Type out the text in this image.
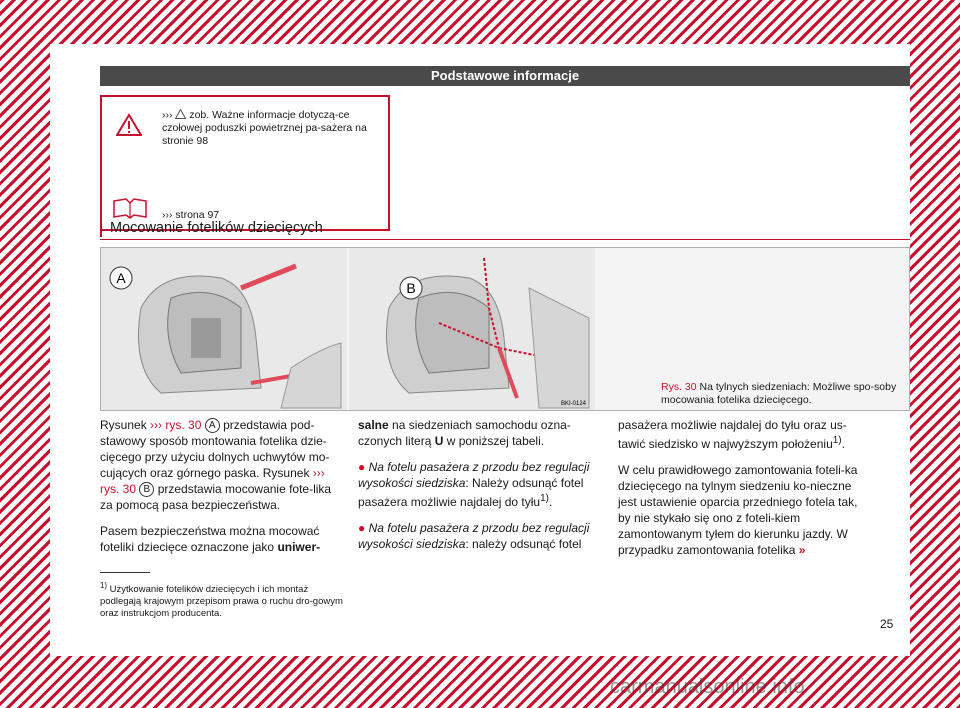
Podstawowe informacje
››› zob. Ważne informacje dotyczą-ce czołowej poduszki powietrznej pa-sażera na stronie 98
››› strona 97
Mocowanie fotelików dziecięcych
A
B
BKI-0124
Rys. 30 Na tylnych siedzeniach: Możliwe spo-soby mocowania fotelika dziecięcego.

Rysunek ››› rys. 30 A przedstawia pod-stawowy sposób montowania fotelika dzie-cięcego przy użyciu dolnych uchwytów mo-cujących oraz górnego paska. Rysunek ››› rys. 30 B przedstawia mocowanie fote-lika za pomocą pasa bezpieczeństwa.

Pasem bezpieczeństwa można mocować foteliki dziecięce oznaczone jako uniwer-

salne na siedzeniach samochodu ozna-czonych literą U w poniższej tabeli.

● Na fotelu pasażera z przodu bez regulacji wysokości siedziska: Należy odsunąć fotel pasażera możliwie najdalej do tyłu$^{1)}$.

● Na fotelu pasażera z przodu bez regulacji wysokości siedziska: należy odsunąć fotel

pasażera możliwie najdalej do tyłu oraz us-tawić siedzisko w najwyższym położeniu$^{1)}$.

W celu prawidłowego zamontowania foteli-ka dziecięcego na tylnym siedzeniu ko-nieczne jest ustawienie oparcia przedniego fotela tak, by nie stykało się ono z foteli-kiem zamontowanym tyłem do kierunku jazdy. W przypadku zamontowania fotelika »

$^{1)}$ Użytkowanie fotelików dziecięcych i ich montaż podlegają krajowym przepisom prawa o ruchu dro-gowym oraz instrukcjom producenta.
25
carmanualsonline.info
